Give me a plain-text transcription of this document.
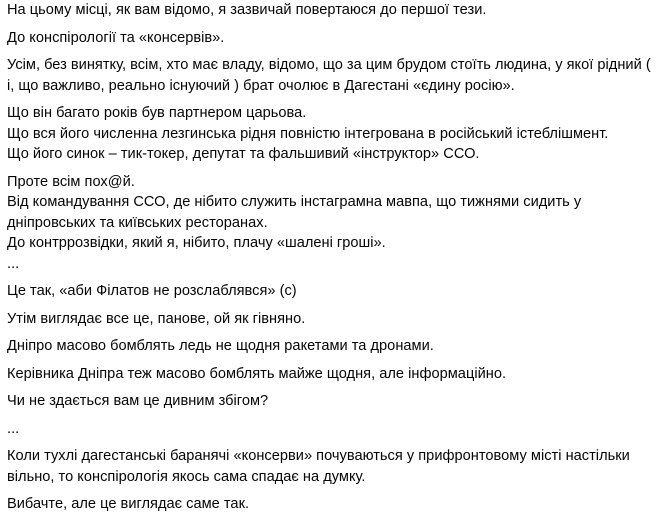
На цьому місці, як вам відомо, я зазвичай повертаюся до першої тези.

До конспірології та «консервів».

Усім, без винятку, всім, хто має владу, відомо, що за цим брудом стоїть людина, у якої рідний (
і, що важливо, реально існуючий ) брат очолює в Дагестані «єдину росію».

Що він багато років був партнером царьова.
Що вся його численна лезгинська рідня повністю інтегрована в російський істеблішмент.
Що його синок – тик-токер, депутат та фальшивий «інструктор» ССО.

Проте всім пох@й.
Від командування ССО, де нібито служить інстаграмна мавпа, що тижнями сидить у
дніпровських та київських ресторанах.
До контррозвідки, який я, нібито, плачу «шалені гроші».
...

Це так, «аби Філатов не розслаблявся» (с)

Утім виглядає все це, панове, ой як гівняно.

Дніпро масово бомблять ледь не щодня ракетами та дронами.

Керівника Дніпра теж масово бомблять майже щодня, але інформаційно.

Чи не здається вам це дивним збігом?

...

Коли тухлі дагестанські баранячі «консерви» почуваються у прифронтовому місті настільки
вільно, то конспірологія якось сама спадає на думку.

Вибачте, але це виглядає саме так.
